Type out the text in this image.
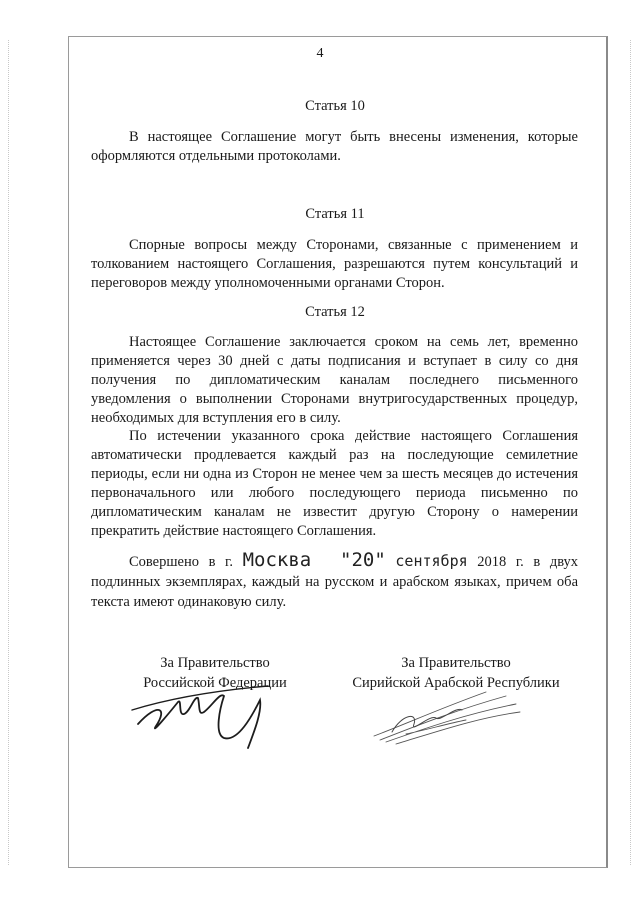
4
Статья 10

В настоящее Соглашение могут быть внесены изменения, которые оформляются отдельными протоколами.

Статья 11

Спорные вопросы между Сторонами, связанные с применением и толкованием настоящего Соглашения, разрешаются путем консультаций и переговоров между уполномоченными органами Сторон.

Статья 12

Настоящее Соглашение заключается сроком на семь лет, временно применяется через 30 дней с даты подписания и вступает в силу со дня получения по дипломатическим каналам последнего письменного уведомления о выполнении Сторонами внутригосударственных процедур, необходимых для вступления его в силу.

По истечении указанного срока действие настоящего Соглашения автоматически продлевается каждый раз на последующие семилетние периоды, если ни одна из Сторон не менее чем за шесть месяцев до истечения первоначального или любого последующего периода письменно по дипломатическим каналам не известит другую Сторону о намерении прекратить действие настоящего Соглашения.

Совершено в г. Москва "20" сентября 2018 г. в двух подлинных экземплярах, каждый на русском и арабском языках, причем оба текста имеют одинаковую силу.

За Правительство
Российской Федерации
За Правительство
Сирийской Арабской Республики
